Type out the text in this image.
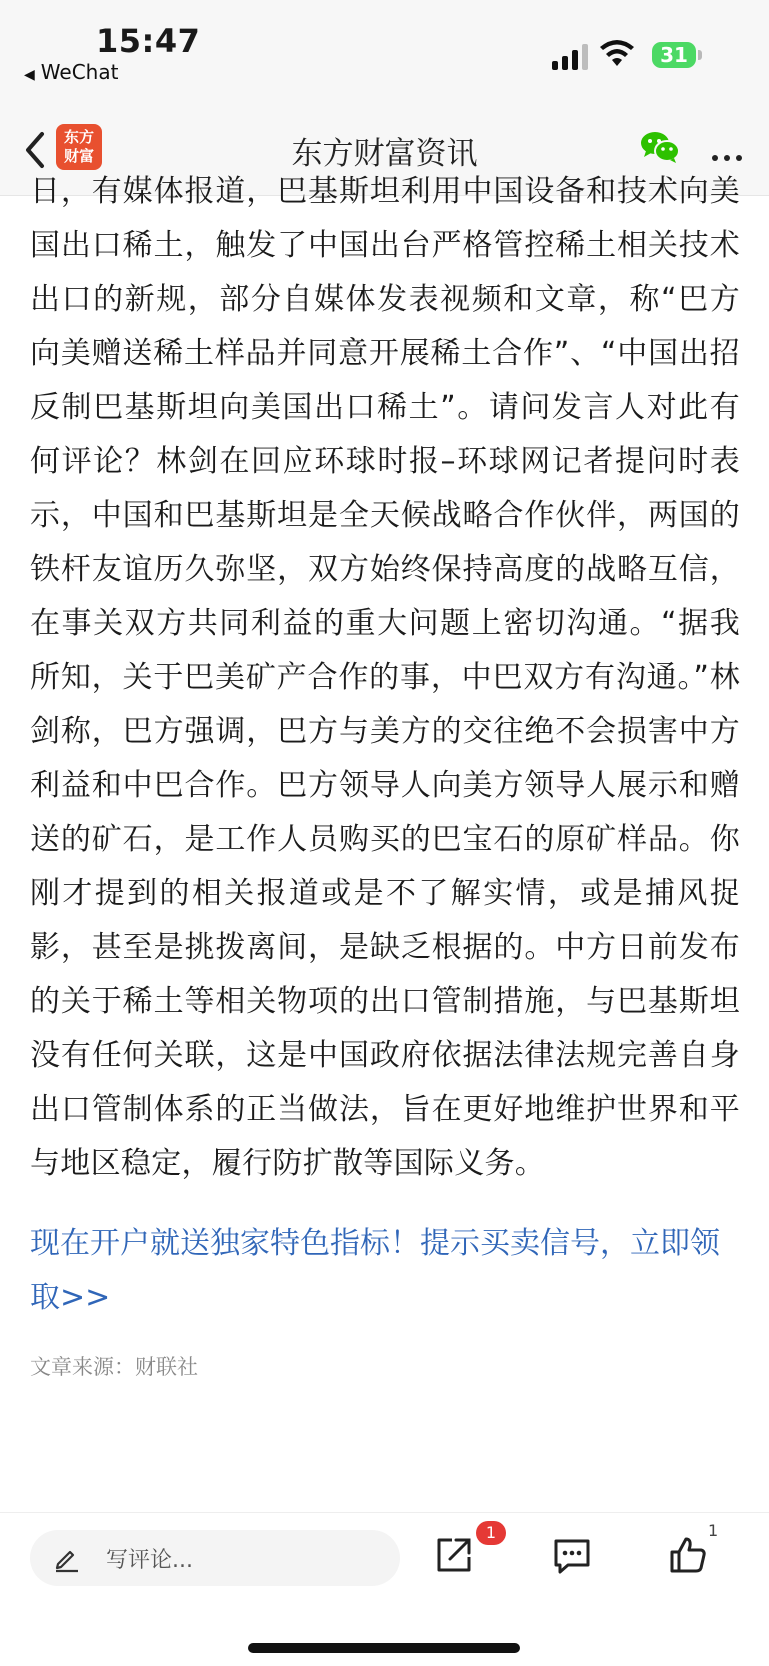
15:47
◀ WeChat
31
东方
财富	东方财富资讯

日，有媒体报道，巴基斯坦利用中国设备和技术向美国出口稀土，触发了中国出台严格管控稀土相关技术出口的新规，部分自媒体发表视频和文章，称“巴方向美赠送稀土样品并同意开展稀土合作”、“中国出招反制巴基斯坦向美国出口稀土”。请问发言人对此有何评论？林剑在回应环球时报–环球网记者提问时表示，中国和巴基斯坦是全天候战略合作伙伴，两国的铁杆友谊历久弥坚，双方始终保持高度的战略互信，在事关双方共同利益的重大问题上密切沟通。“据我所知，关于巴美矿产合作的事，中巴双方有沟通。”林剑称，巴方强调，巴方与美方的交往绝不会损害中方利益和中巴合作。巴方领导人向美方领导人展示和赠送的矿石，是工作人员购买的巴宝石的原矿样品。你刚才提到的相关报道或是不了解实情，或是捕风捉影，甚至是挑拨离间，是缺乏根据的。中方日前发布的关于稀土等相关物项的出口管制措施，与巴基斯坦没有任何关联，这是中国政府依据法律法规完善自身出口管制体系的正当做法，旨在更好地维护世界和平与地区稳定，履行防扩散等国际义务。

现在开户就送独家特色指标！提示买卖信号，立即领取>>
文章来源：财联社
写评论...
1	1
